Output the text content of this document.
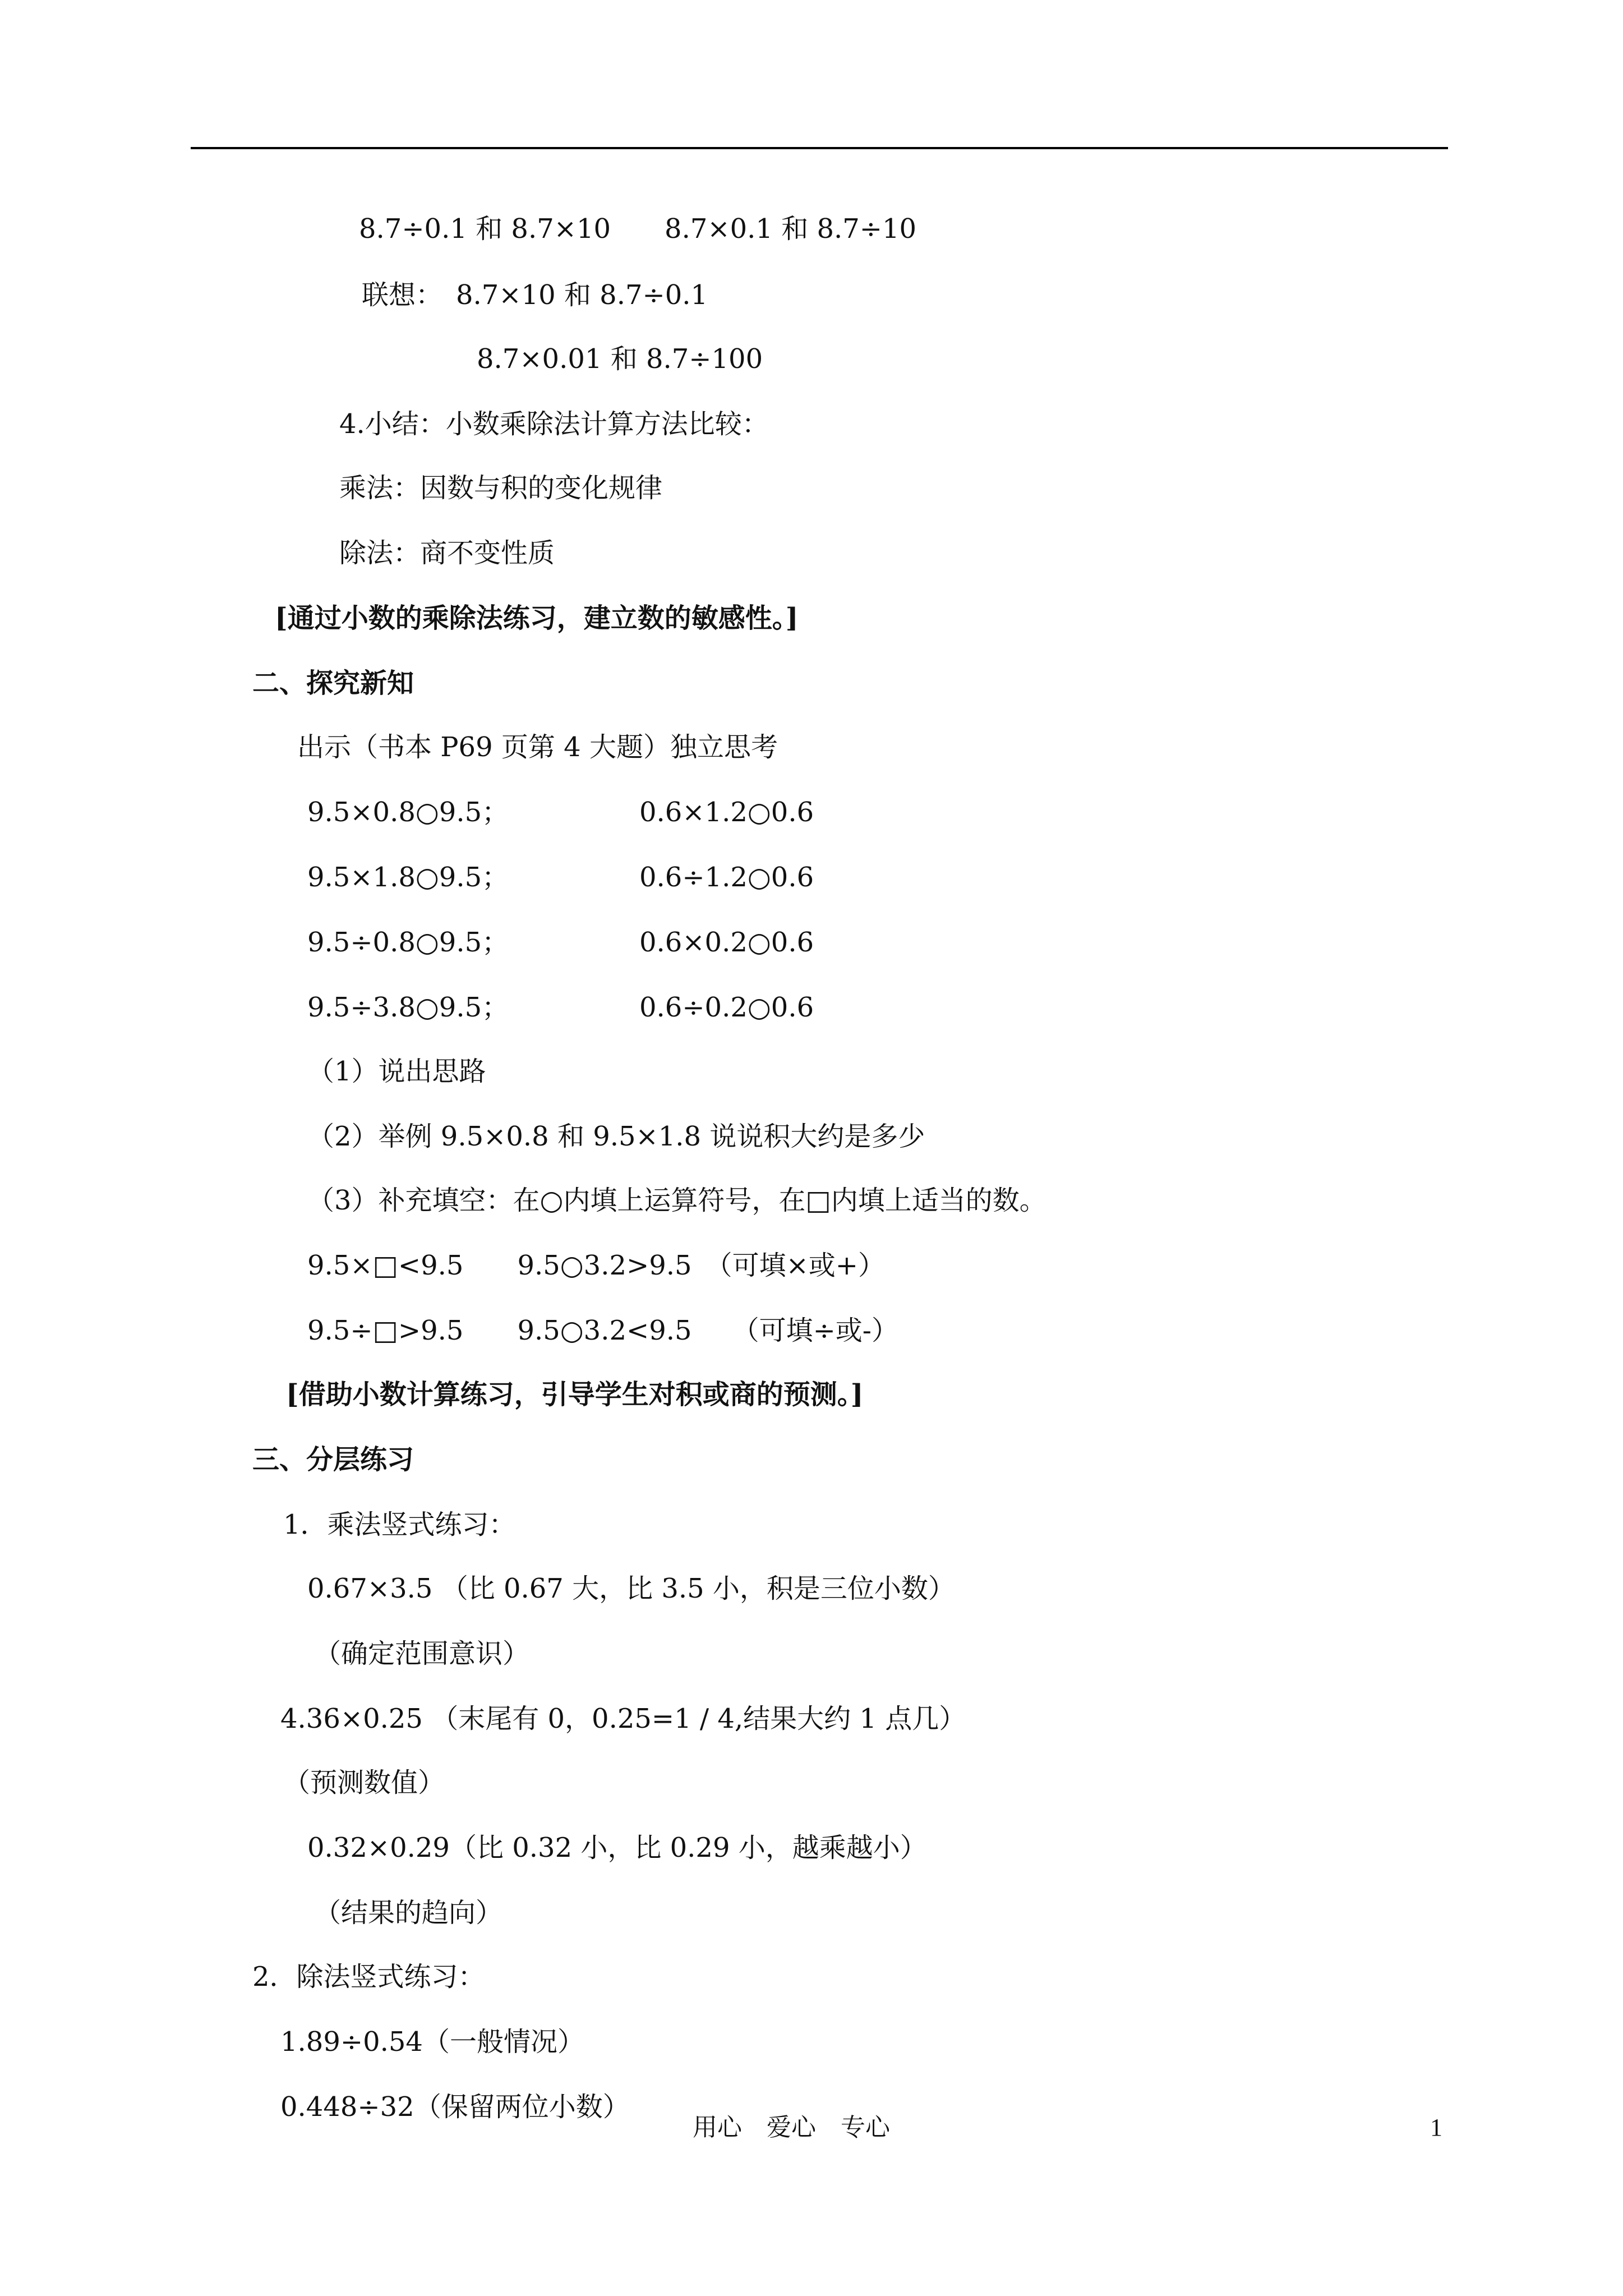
8.7÷0.1 和 8.7×10　　8.7×0.1 和 8.7÷10
联想：　8.7×10 和 8.7÷0.1
8.7×0.01 和 8.7÷100
4.小结：小数乘除法计算方法比较：
乘法：因数与积的变化规律
除法：商不变性质
[通过小数的乘除法练习，建立数的敏感性。]
二、探究新知
出示（书本 P69 页第 4 大题）独立思考
9.5×0.8○9.5；	0.6×1.2○0.6
9.5×1.8○9.5；	0.6÷1.2○0.6
9.5÷0.8○9.5；	0.6×0.2○0.6
9.5÷3.8○9.5；	0.6÷0.2○0.6
（1）说出思路
（2）举例 9.5×0.8 和 9.5×1.8 说说积大约是多少
（3）补充填空：在○内填上运算符号，在□内填上适当的数。
9.5×□<9.5　　9.5○3.2>9.5　（可填×或+）
9.5÷□>9.5　　9.5○3.2<9.5　　（可填÷或-）
[借助小数计算练习，引导学生对积或商的预测。]
三、分层练习
1．乘法竖式练习：
0.67×3.5 （比 0.67 大，比 3.5 小，积是三位小数）
（确定范围意识）
4.36×0.25 （末尾有 0，0.25=1 / 4,结果大约 1 点几）
（预测数值）
0.32×0.29（比 0.32 小，比 0.29 小，越乘越小）
（结果的趋向）
2．除法竖式练习：
1.89÷0.54（一般情况）
0.448÷32（保留两位小数）
用心　爱心　专心	1
